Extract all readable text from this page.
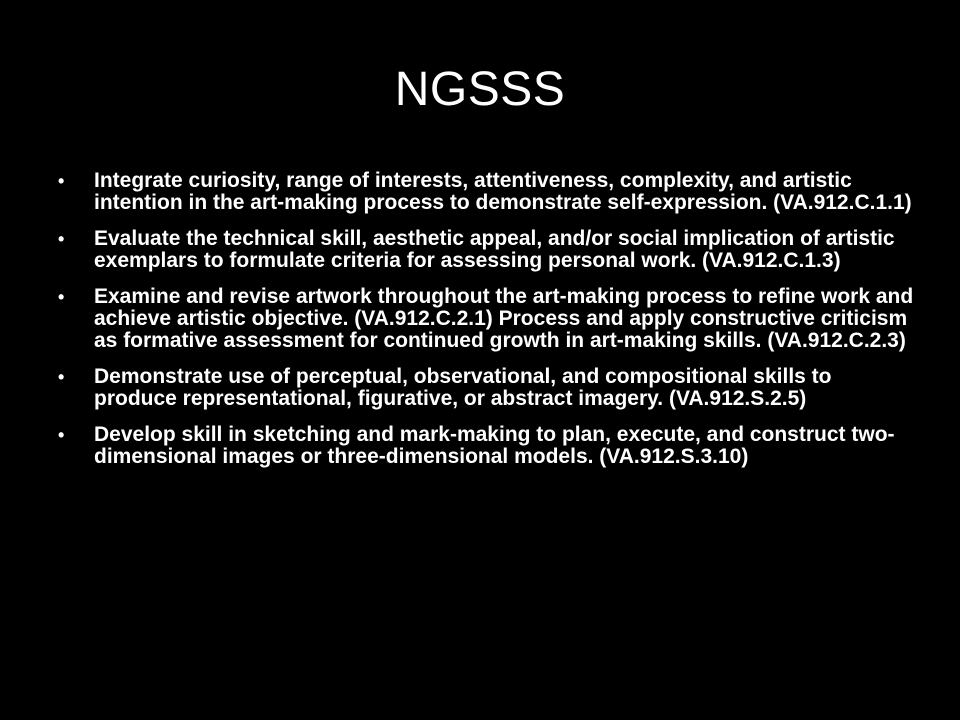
NGSSS
• Integrate curiosity, range of interests, attentiveness, complexity, and artistic intention in the art-making process to demonstrate self-expression. (VA.912.C.1.1)
• Evaluate the technical skill, aesthetic appeal, and/or social implication of artistic exemplars to formulate criteria for assessing personal work. (VA.912.C.1.3)
• Examine and revise artwork throughout the art-making process to refine work and achieve artistic objective. (VA.912.C.2.1) Process and apply constructive criticism as formative assessment for continued growth in art-making skills. (VA.912.C.2.3)
• Demonstrate use of perceptual, observational, and compositional skills to produce representational, figurative, or abstract imagery. (VA.912.S.2.5)
• Develop skill in sketching and mark-making to plan, execute, and construct two-dimensional images or three-dimensional models. (VA.912.S.3.10)
